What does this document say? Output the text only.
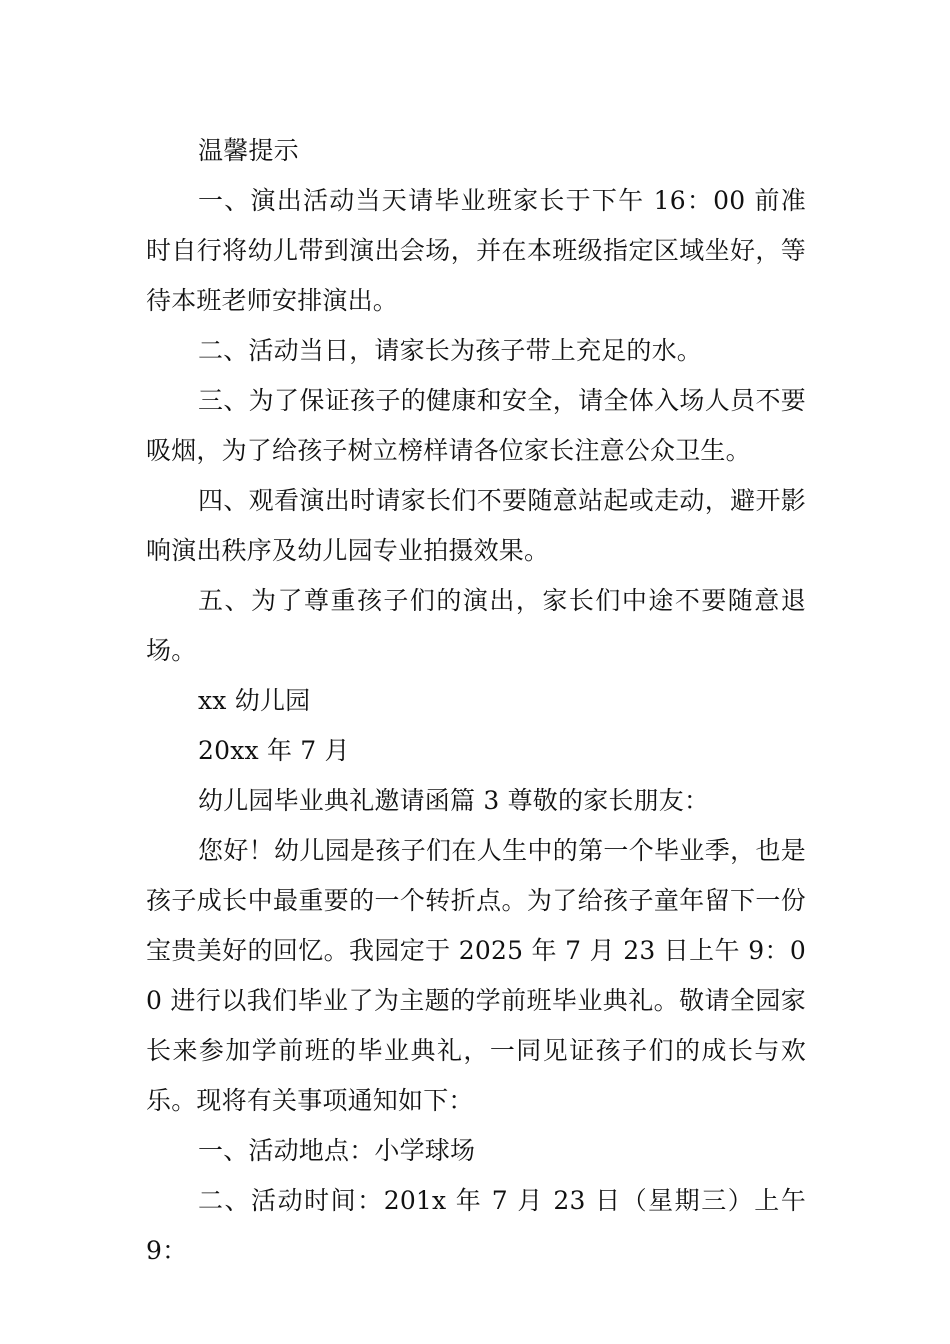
温馨提示

一、演出活动当天请毕业班家长于下午 16：00 前准时自行将幼儿带到演出会场，并在本班级指定区域坐好，等待本班老师安排演出。

二、活动当日，请家长为孩子带上充足的水。

三、为了保证孩子的健康和安全，请全体入场人员不要吸烟，为了给孩子树立榜样请各位家长注意公众卫生。

四、观看演出时请家长们不要随意站起或走动，避开影响演出秩序及幼儿园专业拍摄效果。

五、为了尊重孩子们的演出，家长们中途不要随意退场。

xx 幼儿园

20xx 年 7 月

幼儿园毕业典礼邀请函篇 3 尊敬的家长朋友：

您好！幼儿园是孩子们在人生中的第一个毕业季，也是孩子成长中最重要的一个转折点。为了给孩子童年留下一份宝贵美好的回忆。我园定于 2025 年 7 月 23 日上午 9：00 进行以我们毕业了为主题的学前班毕业典礼。敬请全园家长来参加学前班的毕业典礼，一同见证孩子们的成长与欢乐。现将有关事项通知如下：

一、活动地点：小学球场

二、活动时间：201x 年 7 月 23 日（星期三）上午 9：
